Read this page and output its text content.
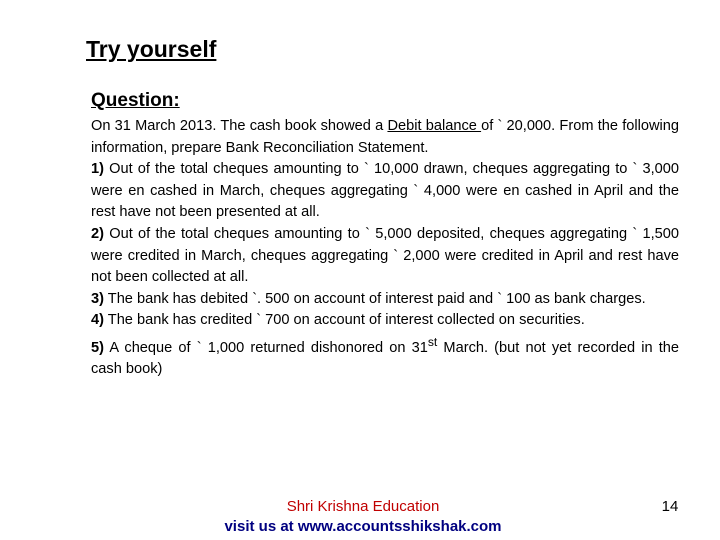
Try yourself
Question:

On 31 March 2013. The cash book showed a Debit balance of ` 20,000. From the following information, prepare Bank Reconciliation Statement.

1) Out of the total cheques amounting to ` 10,000 drawn, cheques aggregating to ` 3,000 were en cashed in March, cheques aggregating ` 4,000 were en cashed in April and the rest have not been presented at all.

2) Out of the total cheques amounting to ` 5,000 deposited, cheques aggregating ` 1,500 were credited in March, cheques aggregating ` 2,000 were credited in April and rest have not been collected at all.

3) The bank has debited `. 500 on account of interest paid and ` 100 as bank charges.

4) The bank has credited ` 700 on account of interest collected on securities.

5) A cheque of ` 1,000 returned dishonored on 31st March. (but not yet recorded in the cash book)

Shri Krishna Education
visit us at www.accountsshikshak.com
14
